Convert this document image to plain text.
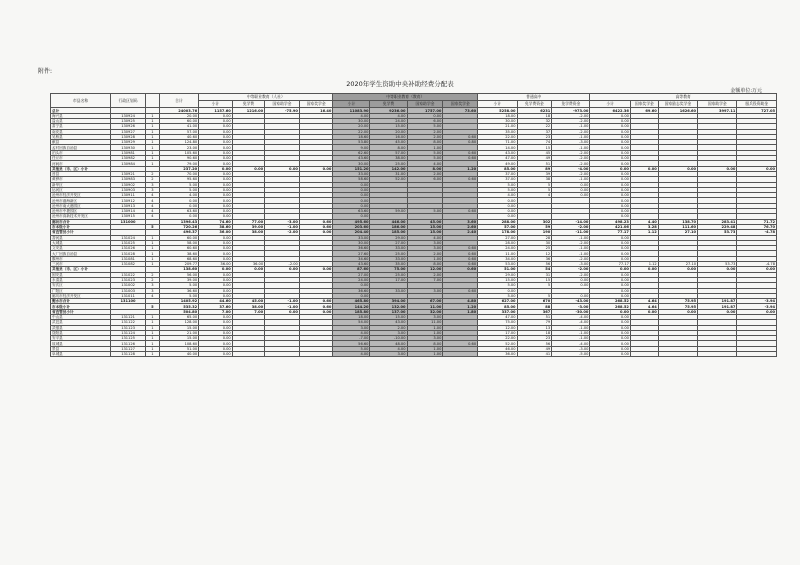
附件:
2020年学生资助中央补助经费分配表
金额单位:万元
市县名称	行政区划码		合计	中等职业教育（人社）				中等职业教育（教育）				普通高中			高等教育				
				小计	免学费	国家助学金	国家奖学金	小计	免学费	国家助学金	国家奖学金	小计	免学费资金	免学费资金	小计	国家奖学金	国家励志奖学金	国家助学金	服兵役资助金
总计			24003.76	1157.60	1216.00	-75.90	16.40	11083.90	9236.00	1757.00	73.60	5258.00	6231	-973.00	6422.36	69.60	1626.60	3997.11	727.05
海兴县	130924	1	20.00	0.00				4.00	4.00	0.00		18.00	18	-2.00	0.00				
盐山县	130925	1	60.00	0.00				30.00	24.00	6.00		30.00	32	-2.00	0.00				
肃宁县	130926	1	41.00	0.00				20.00	15.00	5.00		21.00	22	-1.00	0.00				
南皮县	130927	1	57.00	0.00				22.00	20.00	2.00		35.00	37	-2.00	0.00				
吴桥县	130928	1	40.60	0.00				18.60	16.00	2.00	0.60	22.00	23	-1.00	0.00				
献县	130929	1	124.80	0.00				53.80	45.00	8.00	0.80	71.00	74	-3.00	0.00				
孟村回族自治县	130930	1	23.00	0.00				9.00	8.00	1.00		14.00	15	-1.00	0.00				
泊头市	130981	1	105.60	0.00				62.60	57.00	5.00	0.60	43.00	45	-2.00	0.00				
任丘市	130982	1	90.60	0.00				43.60	38.00	5.00	0.60	47.00	49	-2.00	0.00				
河间市	130984	1	79.00	0.00				30.00	25.00	4.00		49.00	51	-2.00	0.00				
其他县（市、区）小计			237.20	0.00	0.00	0.00	0.00	151.20	142.00	8.00	1.20	85.00	89	-4.00	0.00	0.00	0.00	0.00	0.00
晋县	130921	2	70.00	0.00				33.00	31.00	2.00		37.00	39	-2.00	0.00				
黄骅市	130983	2	95.60	0.00				58.60	52.00	6.00	0.60	37.00	38	-1.00	0.00				
新华区	130902	3	5.00	0.00				0.00				5.00	5	0.00	0.00				
运河区	130903	3	5.00	0.00				0.00				5.00	5	0.00	0.00				
沧州市经济开发区	130911	4	4.00	0.00				0.00				4.00	4	0.00	0.00				
沧州市渤海新区	130912	4	0.00	0.00				0.00				0.00			0.00				
沧州市南大港园区	130913	4	0.00	0.00				0.00				0.00			0.00				
沧州市中捷园区	130914	4	63.60	0.00				63.60	59.00	5.00	0.60	0.00			0.00				
沧州市高新技术开发区	130915	4	0.00	0.00				0.00				0.00			0.00				
廊坊市合计	131000		1396.43	74.60	77.00	-3.00	0.60	495.60	446.00	45.00	3.60	288.00	302	-14.00	498.23	4.40	138.70	283.41	71.72
市本级小计		5	720.26	38.60	39.00	-1.00	0.60	203.60	186.00	15.00	2.60	57.00	59	-2.00	421.06	3.28	111.60	229.48	76.70
省直管县小计			496.37	36.00	38.00	-2.00	0.00	204.40	185.00	15.00	2.40	178.00	190	-11.00	77.17	1.12	27.10	53.73	-4.78
香河县	131024	1	60.00	0.00				33.00	29.00	4.00		27.00	28	-1.00	0.00				
大城县	131025	1	58.00	0.00				30.00	27.00	3.00		28.00	30	-2.00	0.00				
文安县	131026	1	60.60	0.00				36.60	33.00	3.00	0.60	24.00	25	-1.00	0.00				
大厂回族自治县	131028	1	38.60	0.00				27.60	25.00	2.00	0.60	11.00	12	-1.00	0.00				
霸州市	131081	1	68.60	0.00				34.60	33.00	1.00	0.60	34.00	36	-2.00	0.00				
三河市	131082	1	209.77	36.00	36.00	-2.00		43.60	35.00	8.00	0.60	53.00	56	-3.00	77.17	1.12	27.10	53.73	-4.78
其他县（市、区）小计			138.60	0.00	0.00	0.00	0.00	87.60	75.00	12.00	0.60	51.00	54	-2.00	0.00	0.00	0.00	0.00	0.00
固安县	131022	2	56.00	0.00				27.00	25.00	2.00		29.00	31	-2.00	0.00				
永清县	131023	2	39.00	0.00				24.00	17.00	7.00		15.00	15	0.00	0.00				
安次区	131002	3	5.00	0.00				0.00				5.00	5	0.00	0.00				
广阳区	131003	3	36.60	0.00				36.60	33.00	3.00	0.60	0.00			0.00				
廊坊市经济开发区	131011	4	5.00	0.00				0.00				5.00	5	0.00	0.00				
衡水市合计	131100		1405.92	44.60	45.00	-1.00	0.60	465.80	394.00	67.00	4.80	627.00	670	-43.00	268.52	4.64	75.95	191.87	-3.94
市本级小计		5	535.32	37.60	38.00	-1.00	0.60	144.20	132.00	11.00	1.20	85.00	88	-3.00	268.52	4.64	75.95	191.87	-3.94
省直管县小计			504.80	7.00	7.00	0.00	0.00	185.80	137.00	32.00	1.80	337.00	367	-30.00	0.00	0.00	0.00	0.00	0.00
中山县	131121	1	65.00	0.00				18.00	15.00	3.00		47.00	51	-4.00	0.00				
武邑县	131122	1	128.00	0.00				54.00	43.00	11.00		75.00	79	-4.00	0.00				
武强县	131123	1	15.00	0.00				3.00	2.00	1.00		12.00	13	-1.00	0.00				
饶阳县	131124	1	21.00	0.00				4.00	3.00	1.00		17.00	18	-1.00	0.00				
安平县	131125	1	15.00	0.00				-7.00	-10.00	3.00		22.00	23	-1.00	0.00				
故城县	131126	1	108.60	0.00				56.60	48.00	8.00	0.60	52.00	56	-4.00	0.00				
景县	131127	1	51.00	0.00				5.00	4.00	1.00		46.00	49	-3.00	0.00				
阜城县	131128	1	40.00	0.00				4.00	3.00	1.00		36.00	41	-5.00	0.00				
